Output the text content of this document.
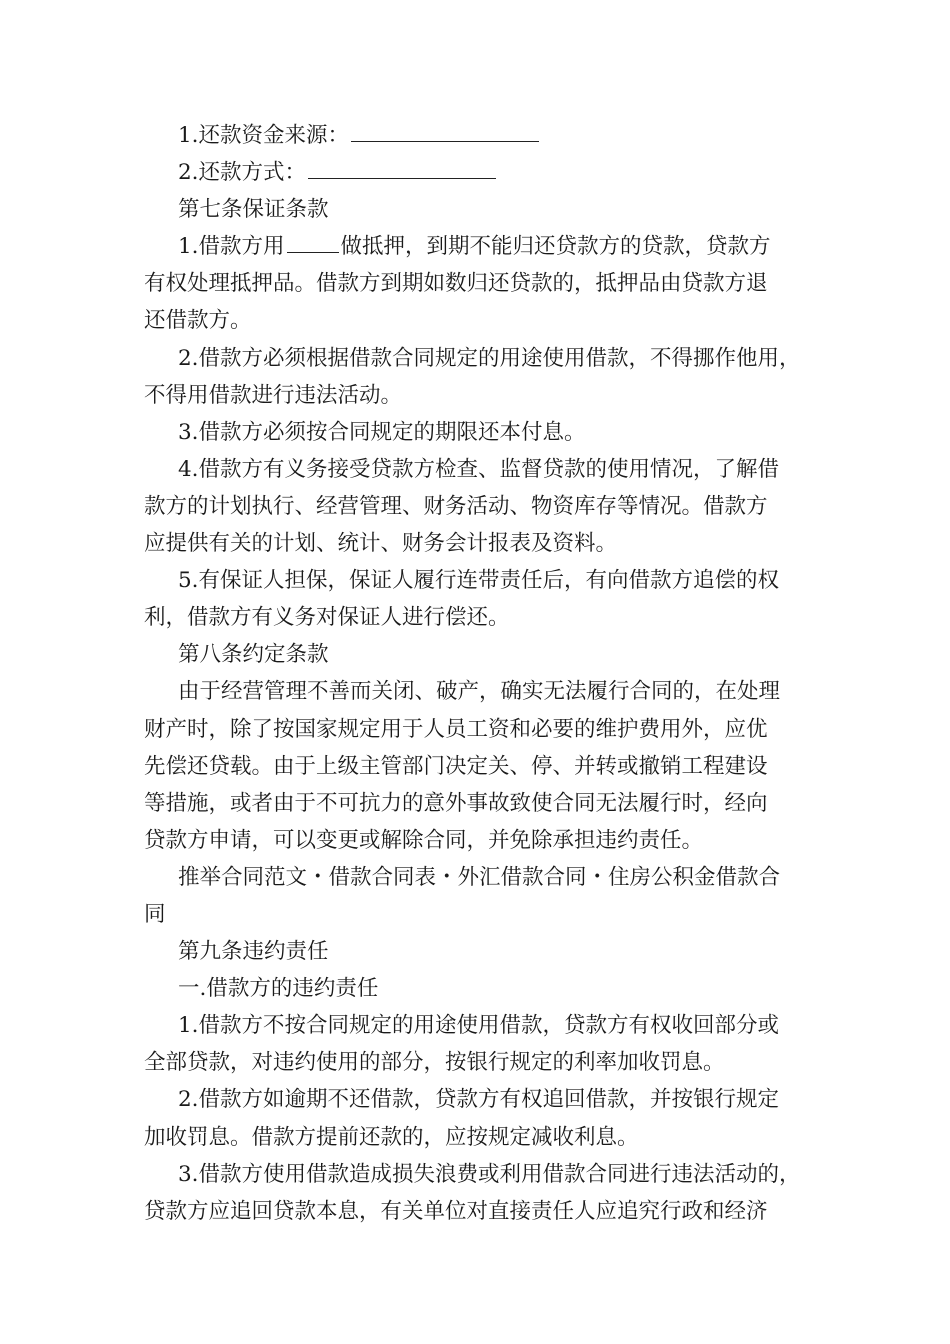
1.还款资金来源：
2.还款方式：
第七条保证条款
1.借款方用	做抵押，到期不能归还贷款方的贷款，贷款方
有权处理抵押品。借款方到期如数归还贷款的，抵押品由贷款方退
还借款方。
2.借款方必须根据借款合同规定的用途使用借款，不得挪作他用，
不得用借款进行违法活动。
3.借款方必须按合同规定的期限还本付息。
4.借款方有义务接受贷款方检查、监督贷款的使用情况，了解借
款方的计划执行、经营管理、财务活动、物资库存等情况。借款方
应提供有关的计划、统计、财务会计报表及资料。
5.有保证人担保，保证人履行连带责任后，有向借款方追偿的权
利，借款方有义务对保证人进行偿还。
第八条约定条款
由于经营管理不善而关闭、破产，确实无法履行合同的，在处理
财产时，除了按国家规定用于人员工资和必要的维护费用外，应优
先偿还贷载。由于上级主管部门决定关、停、并转或撤销工程建设
等措施，或者由于不可抗力的意外事故致使合同无法履行时，经向
贷款方申请，可以变更或解除合同，并免除承担违约责任。
推举合同范文・借款合同表・外汇借款合同・住房公积金借款合
同
第九条违约责任
一.借款方的违约责任
1.借款方不按合同规定的用途使用借款，贷款方有权收回部分或
全部贷款，对违约使用的部分，按银行规定的利率加收罚息。
2.借款方如逾期不还借款，贷款方有权追回借款，并按银行规定
加收罚息。借款方提前还款的，应按规定减收利息。
3.借款方使用借款造成损失浪费或利用借款合同进行违法活动的，
贷款方应追回贷款本息，有关单位对直接责任人应追究行政和经济
